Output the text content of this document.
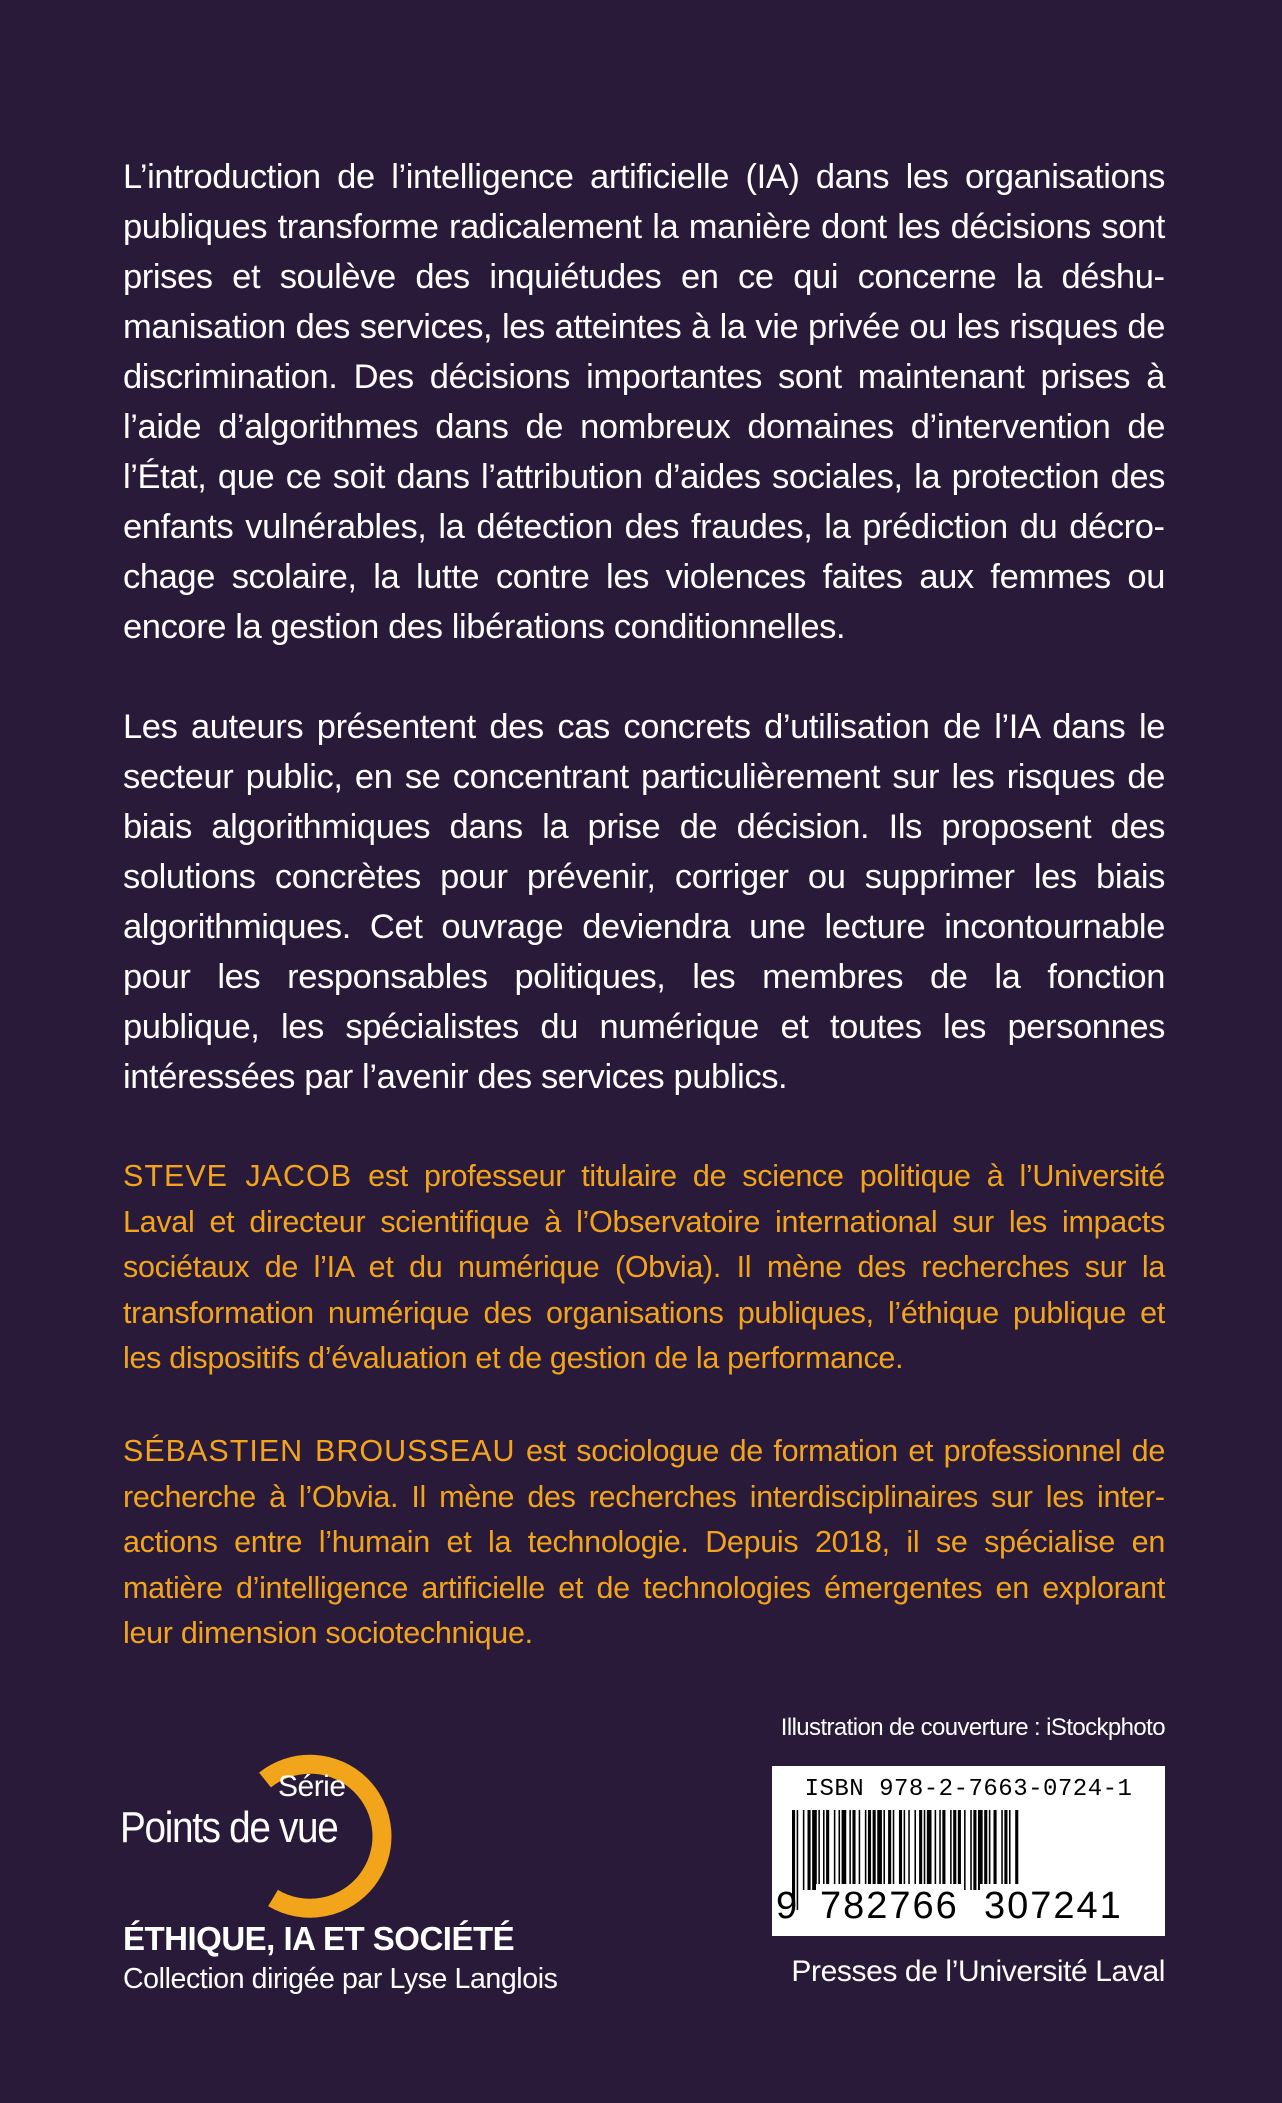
L’introduction de l’intelligence artificielle (IA) dans les organisations publiques transforme radicalement la manière dont les décisions sont prises et soulève des inquiétudes en ce qui concerne la déshumanisation des services, les atteintes à la vie privée ou les risques de discrimination. Des décisions importantes sont maintenant prises à l’aide d’algorithmes dans de nombreux domaines d’intervention de l’État, que ce soit dans l’attribution d’aides sociales, la protection des enfants vulnérables, la détection des fraudes, la prédiction du décrochage scolaire, la lutte contre les violences faites aux femmes ou encore la gestion des libérations conditionnelles.
Les auteurs présentent des cas concrets d’utilisation de l’IA dans le secteur public, en se concentrant particulièrement sur les risques de biais algorithmiques dans la prise de décision. Ils proposent des solutions concrètes pour prévenir, corriger ou supprimer les biais algorithmiques. Cet ouvrage deviendra une lecture incontournable pour les responsables politiques, les membres de la fonction publique, les spécialistes du numérique et toutes les personnes intéressées par l’avenir des services publics.
STEVE JACOB est professeur titulaire de science politique à l’Université Laval et directeur scientifique à l’Observatoire international sur les impacts sociétaux de l’IA et du numérique (Obvia). Il mène des recherches sur la transformation numérique des organisations publiques, l’éthique publique et les dispositifs d’évaluation et de gestion de la performance.
SÉBASTIEN BROUSSEAU est sociologue de formation et professionnel de recherche à l’Obvia. Il mène des recherches interdisciplinaires sur les interactions entre l’humain et la technologie. Depuis 2018, il se spécialise en matière d’intelligence artificielle et de technologies émergentes en explorant leur dimension sociotechnique.
Série
Points de vue
ÉTHIQUE, IA ET SOCIÉTÉ
Collection dirigée par Lyse Langlois
Illustration de couverture : iStockphoto
ISBN 978-2-7663-0724-1
9 782766 307241
Presses de l’Université Laval
